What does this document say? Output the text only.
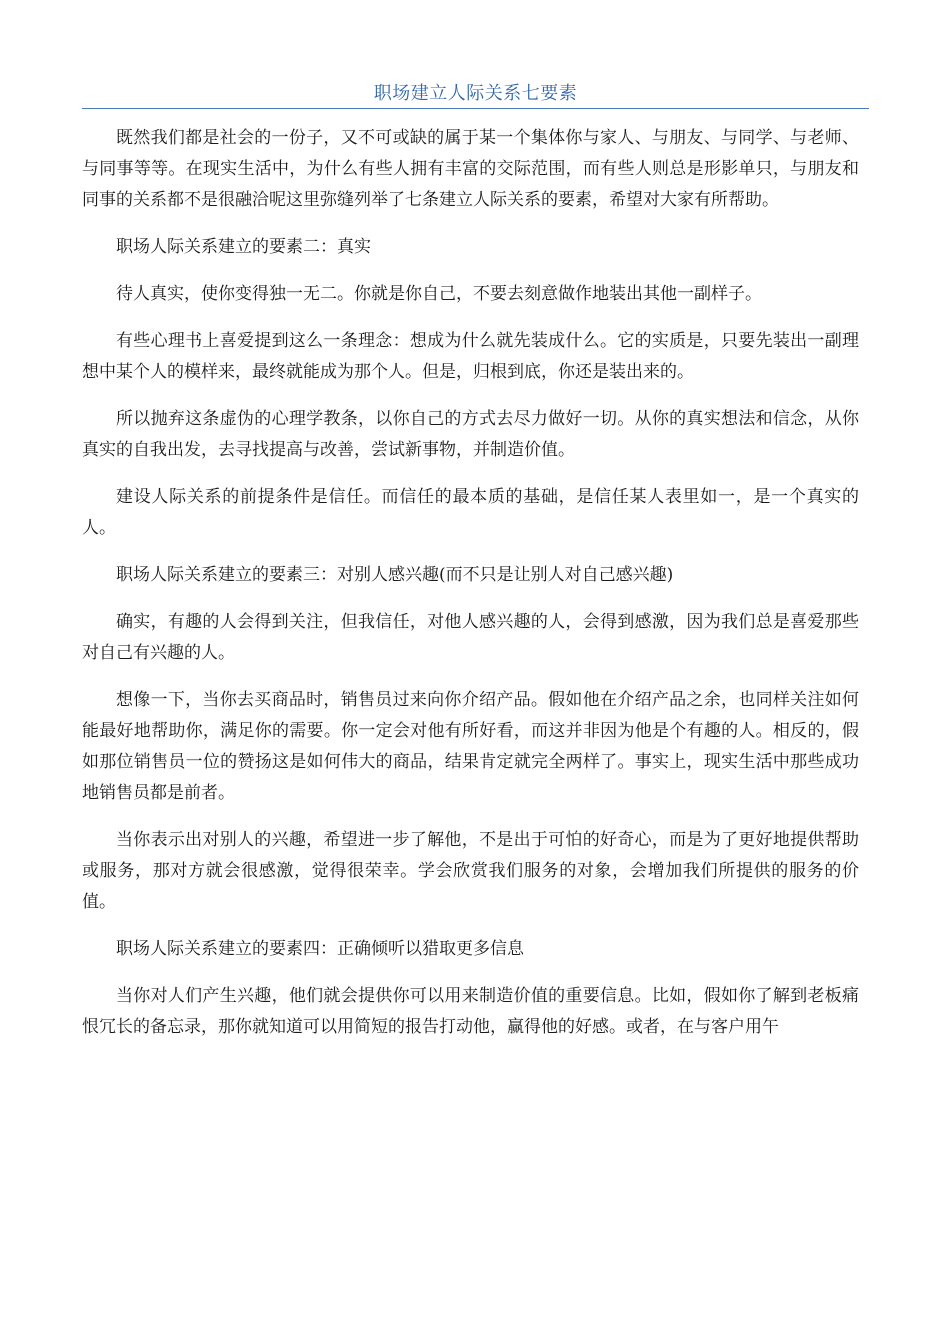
职场建立人际关系七要素

既然我们都是社会的一份子，又不可或缺的属于某一个集体你与家人、与朋友、与同学、与老师、与同事等等。在现实生活中，为什么有些人拥有丰富的交际范围，而有些人则总是形影单只，与朋友和同事的关系都不是很融洽呢这里弥缝列举了七条建立人际关系的要素，希望对大家有所帮助。

职场人际关系建立的要素二：真实

待人真实，使你变得独一无二。你就是你自己，不要去刻意做作地装出其他一副样子。

有些心理书上喜爱提到这么一条理念：想成为什么就先装成什么。它的实质是，只要先装出一副理想中某个人的模样来，最终就能成为那个人。但是，归根到底，你还是装出来的。

所以抛弃这条虚伪的心理学教条，以你自己的方式去尽力做好一切。从你的真实想法和信念，从你真实的自我出发，去寻找提高与改善，尝试新事物，并制造价值。

建设人际关系的前提条件是信任。而信任的最本质的基础，是信任某人表里如一，是一个真实的人。

职场人际关系建立的要素三：对别人感兴趣(而不只是让别人对自己感兴趣)

确实，有趣的人会得到关注，但我信任，对他人感兴趣的人，会得到感激，因为我们总是喜爱那些对自己有兴趣的人。

想像一下，当你去买商品时，销售员过来向你介绍产品。假如他在介绍产品之余，也同样关注如何能最好地帮助你，满足你的需要。你一定会对他有所好看，而这并非因为他是个有趣的人。相反的，假如那位销售员一位的赞扬这是如何伟大的商品，结果肯定就完全两样了。事实上，现实生活中那些成功地销售员都是前者。

当你表示出对别人的兴趣，希望进一步了解他，不是出于可怕的好奇心，而是为了更好地提供帮助或服务，那对方就会很感激，觉得很荣幸。学会欣赏我们服务的对象，会增加我们所提供的服务的价值。

职场人际关系建立的要素四：正确倾听以猎取更多信息

当你对人们产生兴趣，他们就会提供你可以用来制造价值的重要信息。比如，假如你了解到老板痛恨冗长的备忘录，那你就知道可以用简短的报告打动他，赢得他的好感。或者，在与客户用午
